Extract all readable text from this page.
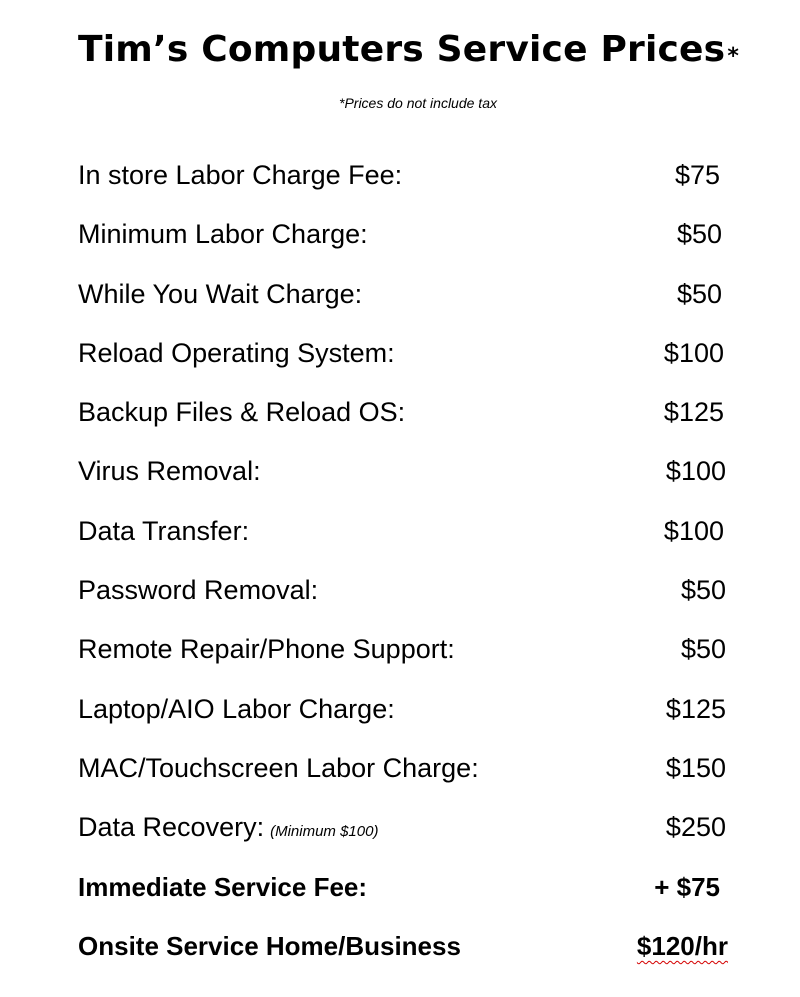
Tim’s Computers Service Prices*
*Prices do not include tax
In store Labor Charge Fee:	$75
Minimum Labor Charge:	$50
While You Wait Charge:	$50
Reload Operating System:	$100
Backup Files & Reload OS:	$125
Virus Removal:	$100
Data Transfer:	$100
Password Removal:	$50
Remote Repair/Phone Support:	$50
Laptop/AIO Labor Charge:	$125
MAC/Touchscreen Labor Charge:	$150
Data Recovery: (Minimum $100)	$250
Immediate Service Fee:	+ $75
Onsite Service Home/Business	$120/hr
